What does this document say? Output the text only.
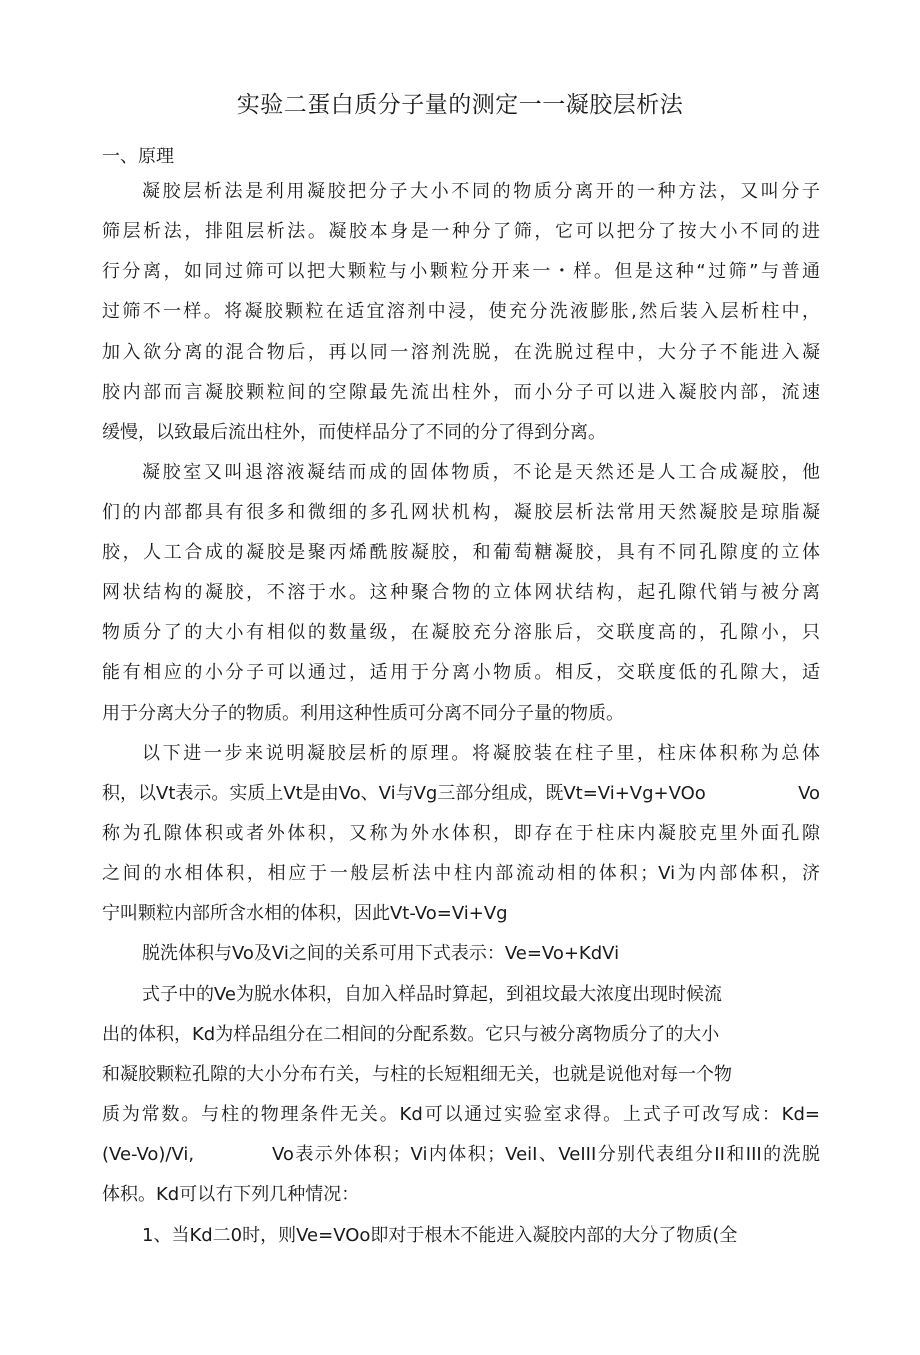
实验二蛋白质分子量的测定一一凝胶层析法
一、原理
凝胶层析法是利用凝胶把分子大小不同的物质分离开的一种方法，又叫分子
筛层析法，排阻层析法。凝胶本身是一种分了筛，它可以把分了按大小不同的进
行分离，如同过筛可以把大颗粒与小颗粒分开来一・样。但是这种“过筛”与普通
过筛不一样。将凝胶颗粒在适宜溶剂中浸，使充分洗液膨胀,然后装入层析柱中，
加入欲分离的混合物后，再以同一溶剂洗脱，在洗脱过程中，大分子不能进入凝
胶内部而言凝胶颗粒间的空隙最先流出柱外，而小分子可以进入凝胶内部，流速
缓慢，以致最后流出柱外，而使样品分了不同的分了得到分离。
凝胶室又叫退溶液凝结而成的固体物质，不论是天然还是人工合成凝胶，他
们的内部都具有很多和微细的多孔网状机构，凝胶层析法常用天然凝胶是琼脂凝
胶，人工合成的凝胶是聚丙烯酰胺凝胶，和葡萄糖凝胶，具有不同孔隙度的立体
网状结构的凝胶，不溶于水。这种聚合物的立体网状结构，起孔隙代销与被分离
物质分了的大小有相似的数量级，在凝胶充分溶胀后，交联度高的，孔隙小，只
能有相应的小分子可以通过，适用于分离小物质。相反，交联度低的孔隙大，适
用于分离大分子的物质。利用这种性质可分离不同分子量的物质。
以下进一步来说明凝胶层析的原理。将凝胶装在柱子里，柱床体积称为总体
积，以Vt表示。实质上Vt是由Vo、Vi与Vg三部分组成，既Vt=Vi+Vg+VOo	Vo
称为孔隙体积或者外体积，又称为外水体积，即存在于柱床内凝胶克里外面孔隙
之间的水相体积，相应于一般层析法中柱内部流动相的体积；Vi为内部体积，济
宁叫颗粒内部所含水相的体积，因此Vt-Vo=Vi+Vg
脱洗体积与Vo及Vi之间的关系可用下式表示：Ve=Vo+KdVi
式子中的Ve为脱水体积，自加入样品时算起，到祖坟最大浓度出现时候流
出的体积，Kd为样品组分在二相间的分配系数。它只与被分离物质分了的大小
和凝胶颗粒孔隙的大小分布冇关，与柱的长短粗细无关，也就是说他对每一个物
质为常数。与柱的物理条件无关。Kd可以通过实验室求得。上式子可改写成：Kd=
(Ve-Vo)/Vi,	Vo表示外体积；Vi内体积；VeiI、VeIII分别代表组分II和III的洗脱
体积。Kd可以冇下列几种情况：
1、当Kd二0时，则Ve=VOo即对于根木不能进入凝胶内部的大分了物质(全
